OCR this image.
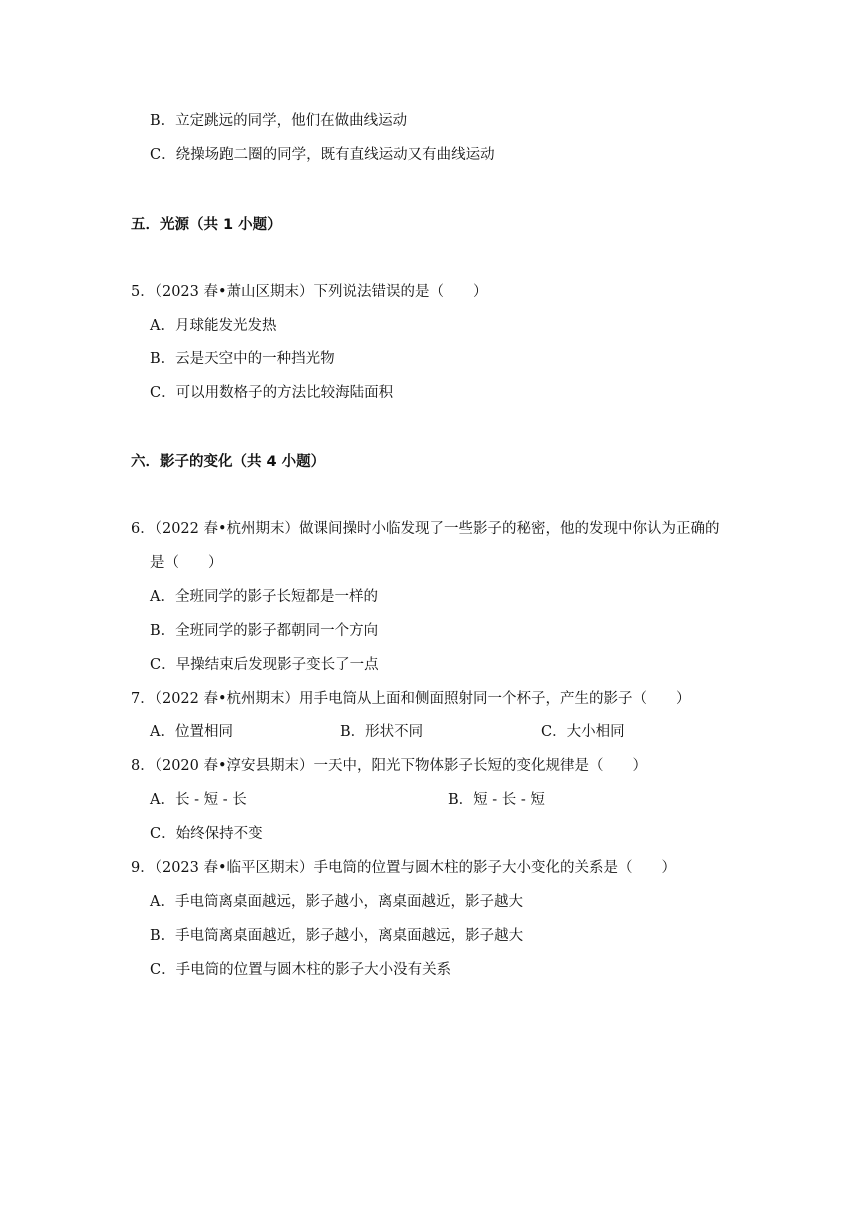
B．立定跳远的同学，他们在做曲线运动
C．绕操场跑二圈的同学，既有直线运动又有曲线运动
五．光源（共 1 小题）
5．（2023 春•萧山区期末）下列说法错误的是（　　）
A．月球能发光发热
B．云是天空中的一种挡光物
C．可以用数格子的方法比较海陆面积
六．影子的变化（共 4 小题）
6．（2022 春•杭州期末）做课间操时小临发现了一些影子的秘密，他的发现中你认为正确的
是（　　）
A．全班同学的影子长短都是一样的
B．全班同学的影子都朝同一个方向
C．早操结束后发现影子变长了一点
7．（2022 春•杭州期末）用手电筒从上面和侧面照射同一个杯子，产生的影子（　　）
A．位置相同	B．形状不同	C．大小相同
8．（2020 春•淳安县期末）一天中，阳光下物体影子长短的变化规律是（　　）
A．长 - 短 - 长	B．短 - 长 - 短
C．始终保持不变
9．（2023 春•临平区期末）手电筒的位置与圆木柱的影子大小变化的关系是（　　）
A．手电筒离桌面越远，影子越小，离桌面越近，影子越大
B．手电筒离桌面越近，影子越小，离桌面越远，影子越大
C．手电筒的位置与圆木柱的影子大小没有关系
